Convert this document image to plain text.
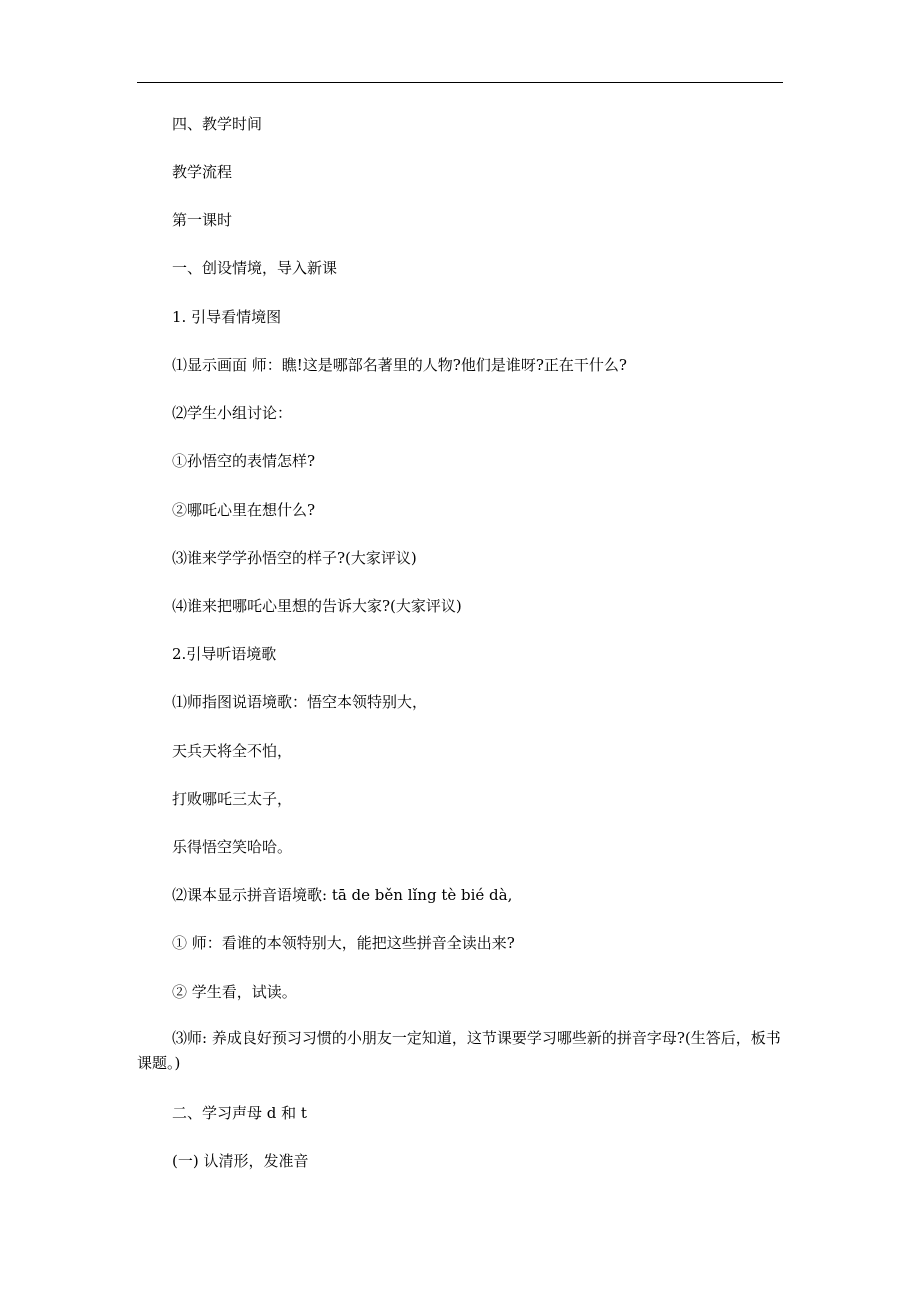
四、教学时间
教学流程
第一课时
一、创设情境，导入新课
1. 引导看情境图
⑴显示画面 师：瞧!这是哪部名著里的人物?他们是谁呀?正在干什么?
⑵学生小组讨论：
①孙悟空的表情怎样?
②哪吒心里在想什么?
⑶谁来学学孙悟空的样子?(大家评议)
⑷谁来把哪吒心里想的告诉大家?(大家评议)
2.引导听语境歌
⑴师指图说语境歌：悟空本领特别大，
天兵天将全不怕，
打败哪吒三太子，
乐得悟空笑哈哈。
⑵课本显示拼音语境歌: tā de běn lǐng tè bié dà,
① 师：看谁的本领特别大，能把这些拼音全读出来?
② 学生看，试读。
⑶师: 养成良好预习习惯的小朋友一定知道，这节课要学习哪些新的拼音字母?(生答后，板书课题。)
二、学习声母 d 和 t
(一) 认清形，发准音
